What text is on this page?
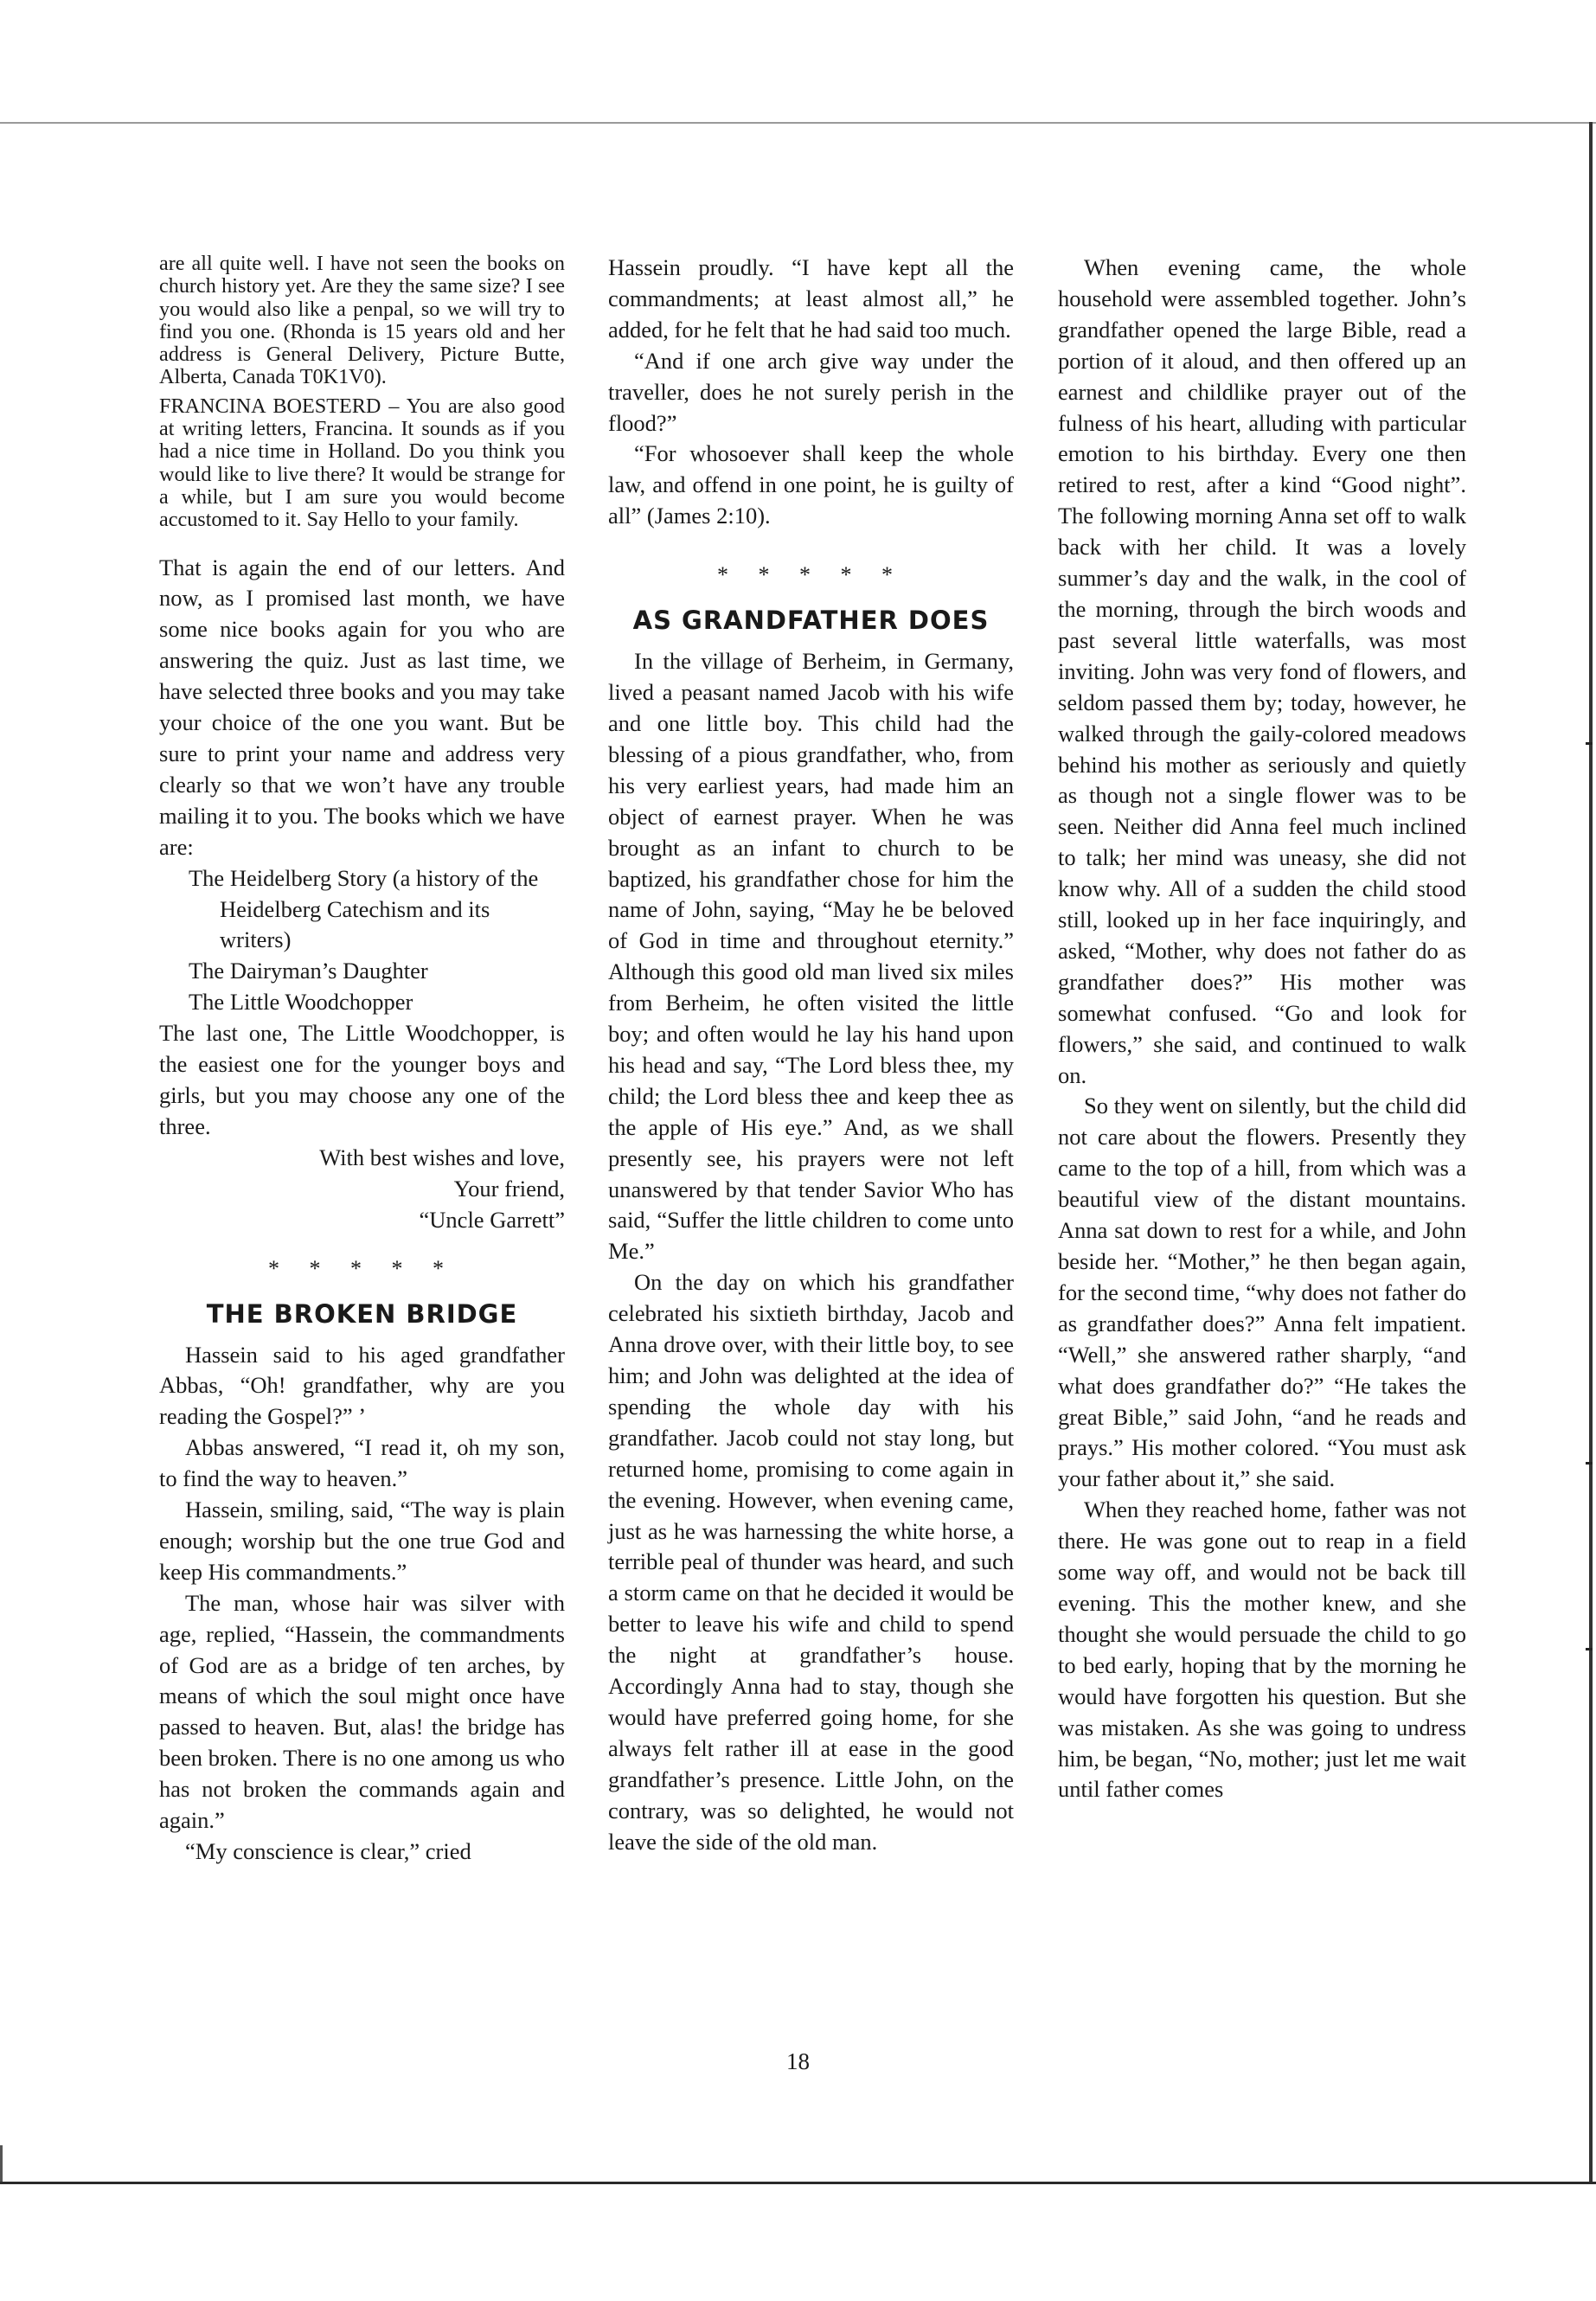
are all quite well. I have not seen the books on church history yet. Are they the same size? I see you would also like a penpal, so we will try to find you one. (Rhonda is 15 years old and her address is General Delivery, Picture Butte, Alberta, Canada T0K1V0).

FRANCINA BOESTERD – You are also good at writing letters, Francina. It sounds as if you had a nice time in Holland. Do you think you would like to live there? It would be strange for a while, but I am sure you would become accustomed to it. Say Hello to your family.

That is again the end of our letters. And now, as I promised last month, we have some nice books again for you who are answering the quiz. Just as last time, we have selected three books and you may take your choice of the one you want. But be sure to print your name and address very clearly so that we won’t have any trouble mailing it to you. The books which we have are:

The Heidelberg Story (a history of the Heidelberg Catechism and its writers)

The Dairyman’s Daughter

The Little Woodchopper

The last one, The Little Woodchopper, is the easiest one for the younger boys and girls, but you may choose any one of the three.

With best wishes and love,

Your friend,

“Uncle Garrett”

* * * * *
THE BROKEN BRIDGE

Hassein said to his aged grandfather Abbas, “Oh! grandfather, why are you reading the Gospel?” ’

Abbas answered, “I read it, oh my son, to find the way to heaven.”

Hassein, smiling, said, “The way is plain enough; worship but the one true God and keep His commandments.”

The man, whose hair was silver with age, replied, “Hassein, the commandments of God are as a bridge of ten arches, by means of which the soul might once have passed to heaven. But, alas! the bridge has been broken. There is no one among us who has not broken the commands again and again.”

“My conscience is clear,” cried

Hassein proudly. “I have kept all the commandments; at least almost all,” he added, for he felt that he had said too much.

“And if one arch give way under the traveller, does he not surely perish in the flood?”

“For whosoever shall keep the whole law, and offend in one point, he is guilty of all” (James 2:10).

* * * * *
AS GRANDFATHER DOES

In the village of Berheim, in Germany, lived a peasant named Jacob with his wife and one little boy. This child had the blessing of a pious grandfather, who, from his very earliest years, had made him an object of earnest prayer. When he was brought as an infant to church to be baptized, his grandfather chose for him the name of John, saying, “May he be beloved of God in time and throughout eternity.” Although this good old man lived six miles from Berheim, he often visited the little boy; and often would he lay his hand upon his head and say, “The Lord bless thee, my child; the Lord bless thee and keep thee as the apple of His eye.” And, as we shall presently see, his prayers were not left unanswered by that tender Savior Who has said, “Suffer the little children to come unto Me.”

On the day on which his grandfather celebrated his sixtieth birthday, Jacob and Anna drove over, with their little boy, to see him; and John was delighted at the idea of spending the whole day with his grandfather. Jacob could not stay long, but returned home, promising to come again in the evening. However, when evening came, just as he was harnessing the white horse, a terrible peal of thunder was heard, and such a storm came on that he decided it would be better to leave his wife and child to spend the night at grandfather’s house. Accordingly Anna had to stay, though she would have preferred going home, for she always felt rather ill at ease in the good grandfather’s presence. Little John, on the contrary, was so delighted, he would not leave the side of the old man.

When evening came, the whole household were assembled together. John’s grandfather opened the large Bible, read a portion of it aloud, and then offered up an earnest and childlike prayer out of the fulness of his heart, alluding with particular emotion to his birthday. Every one then retired to rest, after a kind “Good night”. The following morning Anna set off to walk back with her child. It was a lovely summer’s day and the walk, in the cool of the morning, through the birch woods and past several little waterfalls, was most inviting. John was very fond of flowers, and seldom passed them by; today, however, he walked through the gaily-colored meadows behind his mother as seriously and quietly as though not a single flower was to be seen. Neither did Anna feel much inclined to talk; her mind was uneasy, she did not know why. All of a sudden the child stood still, looked up in her face inquiringly, and asked, “Mother, why does not father do as grandfather does?” His mother was somewhat confused. “Go and look for flowers,” she said, and continued to walk on.

So they went on silently, but the child did not care about the flowers. Presently they came to the top of a hill, from which was a beautiful view of the distant mountains. Anna sat down to rest for a while, and John beside her. “Mother,” he then began again, for the second time, “why does not father do as grandfather does?” Anna felt impatient. “Well,” she answered rather sharply, “and what does grandfather do?” “He takes the great Bible,” said John, “and he reads and prays.” His mother colored. “You must ask your father about it,” she said.

When they reached home, father was not there. He was gone out to reap in a field some way off, and would not be back till evening. This the mother knew, and she thought she would persuade the child to go to bed early, hoping that by the morning he would have forgotten his question. But she was mistaken. As she was going to undress him, be began, “No, mother; just let me wait until father comes

18
